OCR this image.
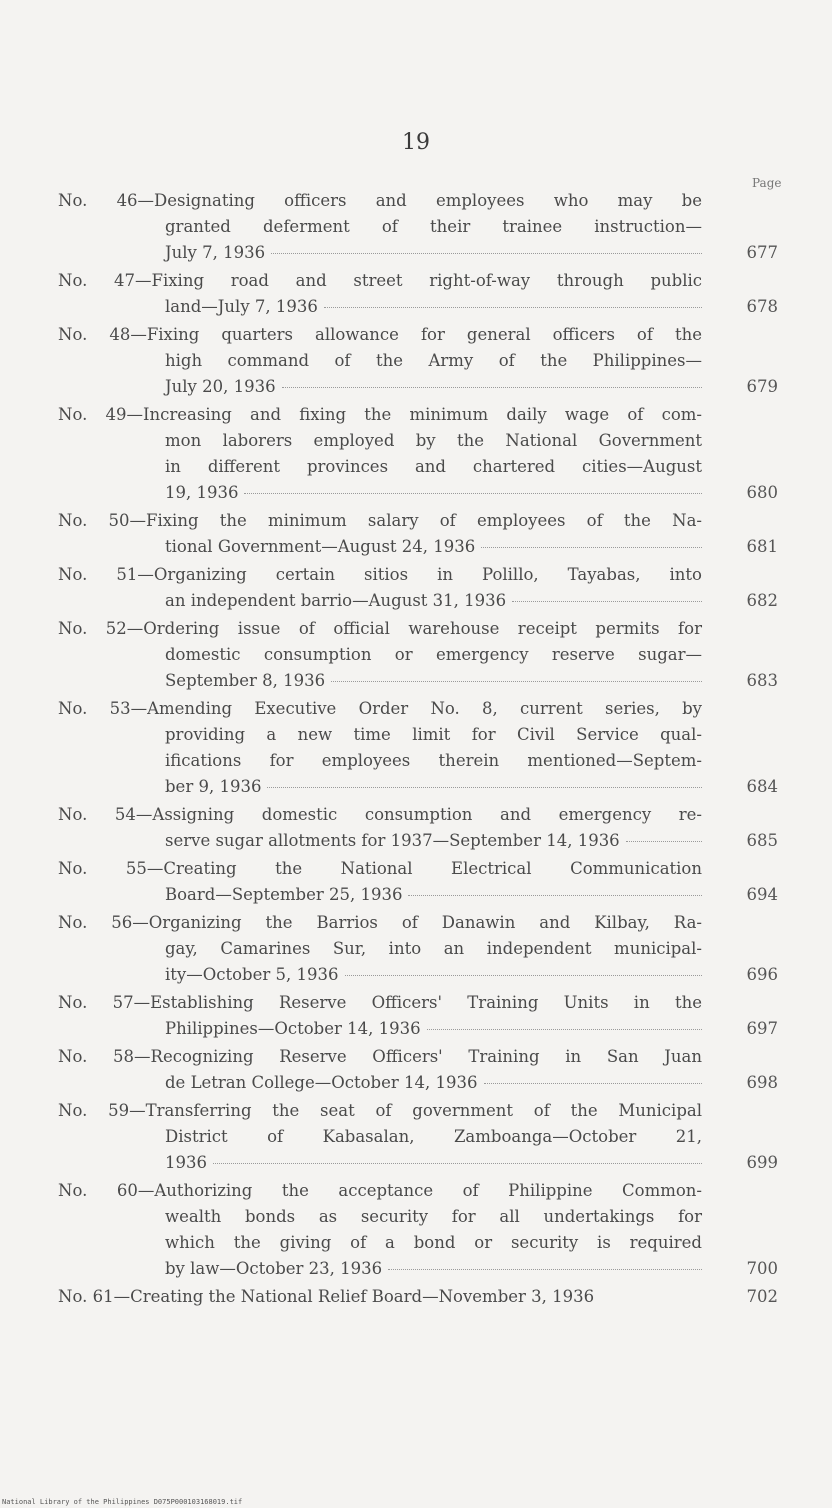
19
Page
No. 46—Designating officers and employees who may be
granted deferment of their trainee instruction—
July 7, 1936	677
No. 47—Fixing road and street right-of-way through public
land—July 7, 1936	678
No. 48—Fixing quarters allowance for general officers of the
high command of the Army of the Philippines—
July 20, 1936	679
No. 49—Increasing and fixing the minimum daily wage of com-
mon laborers employed by the National Government
in different provinces and chartered cities—August
19, 1936	680
No. 50—Fixing the minimum salary of employees of the Na-
tional Government—August 24, 1936	681
No. 51—Organizing certain sitios in Polillo, Tayabas, into
an independent barrio—August 31, 1936	682
No. 52—Ordering issue of official warehouse receipt permits for
domestic consumption or emergency reserve sugar—
September 8, 1936	683
No. 53—Amending Executive Order No. 8, current series, by
providing a new time limit for Civil Service qual-
ifications for employees therein mentioned—Septem-
ber 9, 1936	684
No. 54—Assigning domestic consumption and emergency re-
serve sugar allotments for 1937—September 14, 1936	685
No. 55—Creating the National Electrical Communication
Board—September 25, 1936	694
No. 56—Organizing the Barrios of Danawin and Kilbay, Ra-
gay, Camarines Sur, into an independent municipal-
ity—October 5, 1936	696
No. 57—Establishing Reserve Officers' Training Units in the
Philippines—October 14, 1936	697
No. 58—Recognizing Reserve Officers' Training in San Juan
de Letran College—October 14, 1936	698
No. 59—Transferring the seat of government of the Municipal
District of Kabasalan, Zamboanga—October 21,
1936	699
No. 60—Authorizing the acceptance of Philippine Common-
wealth bonds as security for all undertakings for
which the giving of a bond or security is required
by law—October 23, 1936	700
No. 61—Creating the National Relief Board—November 3, 1936	702
National Library of the Philippines D075P000103168019.tif
